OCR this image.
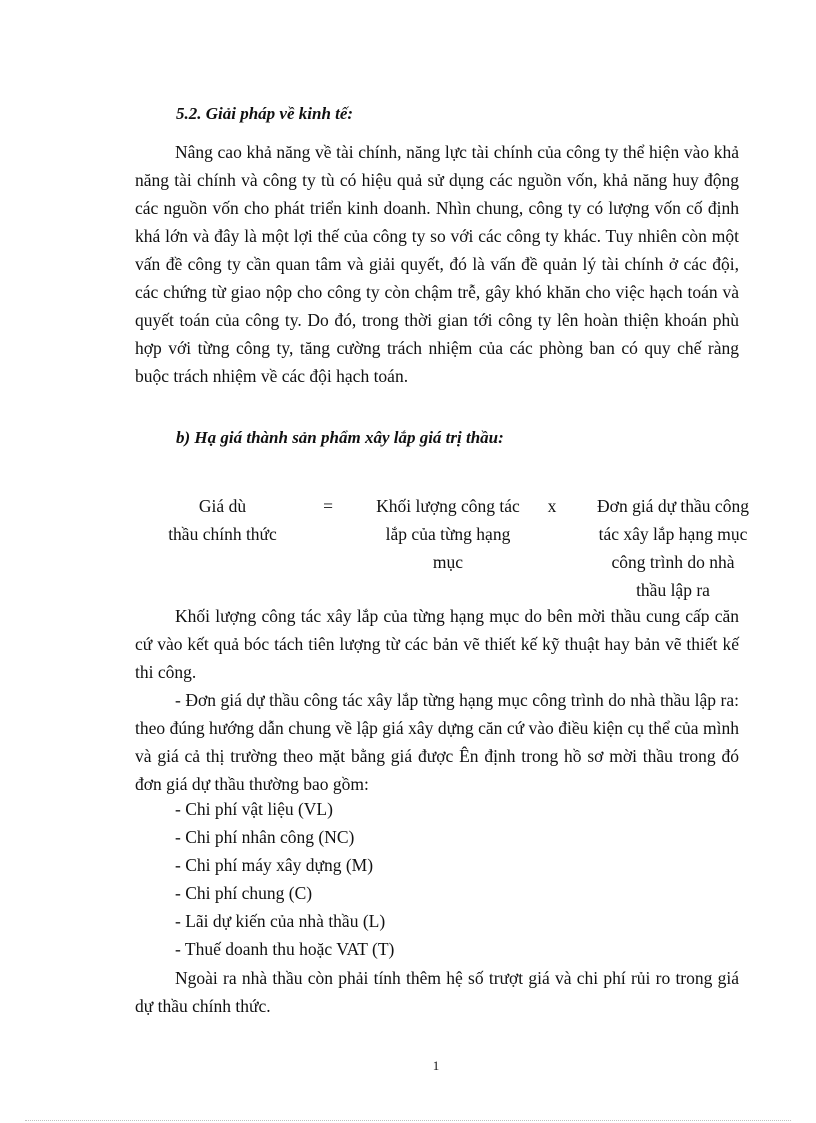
5.2. Giải pháp về kinh tế:

Nâng cao khả năng về tài chính, năng lực tài chính của công ty thể hiện vào khả năng tài chính và công ty tù có hiệu quả sử dụng các nguồn vốn, khả năng huy động các nguồn vốn cho phát triển kinh doanh. Nhìn chung, công ty có lượng vốn cố định khá lớn và đây là một lợi thế của công ty so với các công ty khác. Tuy nhiên còn một vấn đề công ty cần quan tâm và giải quyết, đó là vấn đề quản lý tài chính ở các đội, các chứng từ giao nộp cho công ty còn chậm trễ, gây khó khăn cho việc hạch toán và quyết toán của công ty. Do đó, trong thời gian tới công ty lên hoàn thiện khoán phù hợp với từng công ty, tăng cường trách nhiệm của các phòng ban có quy chế ràng buộc trách nhiệm về các đội hạch toán.

b) Hạ giá thành sản phẩm xây lắp giá trị thầu:
Giá dù
thầu chính thức
=	Khối lượng công tác
lắp của từng hạng
mục
x	Đơn giá dự thầu công
tác xây lắp hạng mục
công trình do nhà
thầu lập ra

Khối lượng công tác xây lắp của từng hạng mục do bên mời thầu cung cấp căn cứ vào kết quả bóc tách tiên lượng từ các bản vẽ thiết kế kỹ thuật hay bản vẽ thiết kế thi công.

- Đơn giá dự thầu công tác xây lắp từng hạng mục công trình do nhà thầu lập ra: theo đúng hướng dẫn chung về lập giá xây dựng căn cứ vào điều kiện cụ thể của mình và giá cả thị trường theo mặt bằng giá được Ên định trong hồ sơ mời thầu trong đó đơn giá dự thầu thường bao gồm:

- Chi phí vật liệu (VL)
- Chi phí nhân công (NC)
- Chi phí máy xây dựng (M)
- Chi phí chung (C)
- Lãi dự kiến của nhà thầu (L)
- Thuế doanh thu hoặc VAT (T)

Ngoài ra nhà thầu còn phải tính thêm hệ số trượt giá và chi phí rủi ro trong giá dự thầu chính thức.

1
